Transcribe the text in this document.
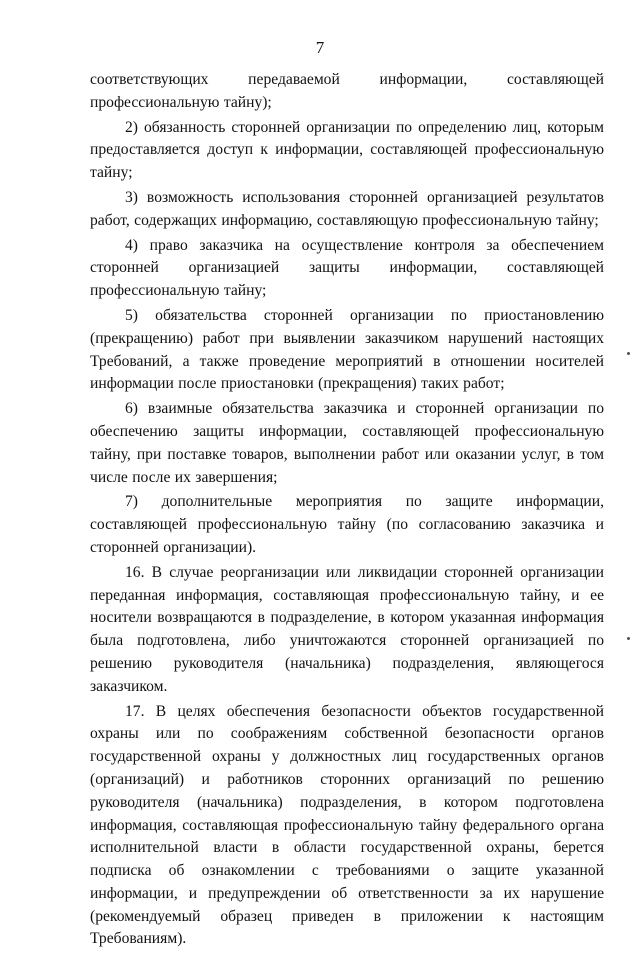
7

соответствующих передаваемой информации, составляющей профессиональную тайну);

2) обязанность сторонней организации по определению лиц, которым предоставляется доступ к информации, составляющей профессиональную тайну;

3) возможность использования сторонней организацией результатов работ, содержащих информацию, составляющую профессиональную тайну;

4) право заказчика на осуществление контроля за обеспечением сторонней организацией защиты информации, составляющей профессиональную тайну;

5) обязательства сторонней организации по приостановлению (прекращению) работ при выявлении заказчиком нарушений настоящих Требований, а также проведение мероприятий в отношении носителей информации после приостановки (прекращения) таких работ;

6) взаимные обязательства заказчика и сторонней организации по обеспечению защиты информации, составляющей профессиональную тайну, при поставке товаров, выполнении работ или оказании услуг, в том числе после их завершения;

7) дополнительные мероприятия по защите информации, составляющей профессиональную тайну (по согласованию заказчика и сторонней организации).

16. В случае реорганизации или ликвидации сторонней организации переданная информация, составляющая профессиональную тайну, и ее носители возвращаются в подразделение, в котором указанная информация была подготовлена, либо уничтожаются сторонней организацией по решению руководителя (начальника) подразделения, являющегося заказчиком.

17. В целях обеспечения безопасности объектов государственной охраны или по соображениям собственной безопасности органов государственной охраны у должностных лиц государственных органов (организаций) и работников сторонних организаций по решению руководителя (начальника) подразделения, в котором подготовлена информация, составляющая профессиональную тайну федерального органа исполнительной власти в области государственной охраны, берется подписка об ознакомлении с требованиями о защите указанной информации, и предупреждении об ответственности за их нарушение (рекомендуемый образец приведен в приложении к настоящим Требованиям).
